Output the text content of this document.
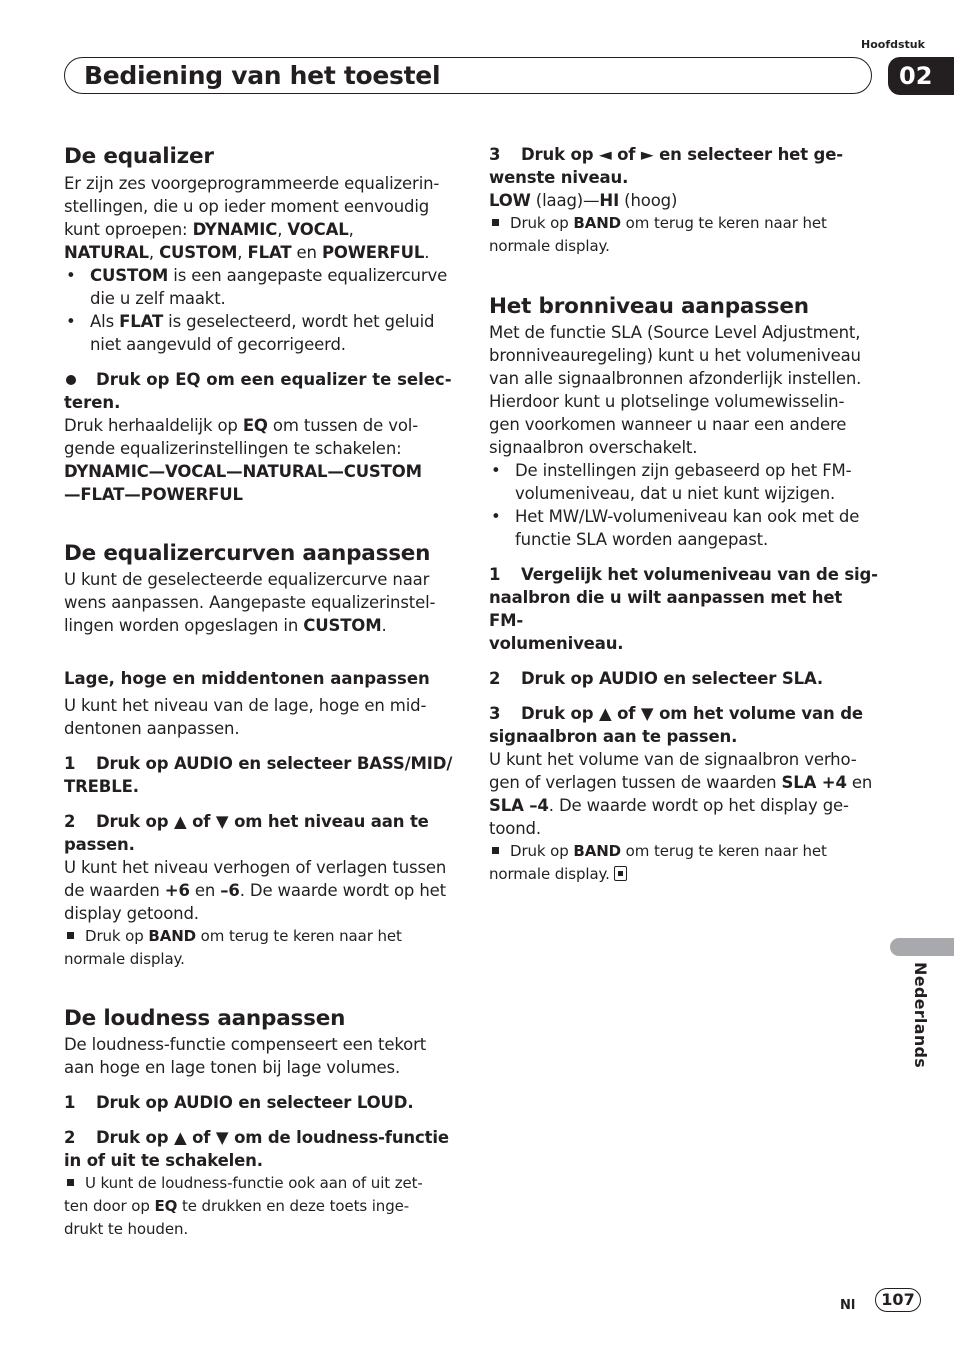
Hoofdstuk
Bediening van het toestel	02
De equalizer
Er zijn zes voorgeprogrammeerde equalizerin-
stellingen, die u op ieder moment eenvoudig
kunt oproepen: DYNAMIC, VOCAL,
NATURAL, CUSTOM, FLAT en POWERFUL.
• CUSTOM is een aangepaste equalizercurve die u zelf maakt.
• Als FLAT is geselecteerd, wordt het geluid niet aangevuld of gecorrigeerd.
Druk op EQ om een equalizer te selec-teren.
Druk herhaaldelijk op EQ om tussen de vol-
gende equalizerinstellingen te schakelen:
DYNAMIC—VOCAL—NATURAL—CUSTOM
—FLAT—POWERFUL
De equalizercurven aanpassen
U kunt de geselecteerde equalizercurve naar
wens aanpassen. Aangepaste equalizerinstel-
lingen worden opgeslagen in CUSTOM.
Lage, hoge en middentonen aanpassen
U kunt het niveau van de lage, hoge en mid-
dentonen aanpassen.
1 Druk op AUDIO en selecteer BASS/MID/
TREBLE.
2 Druk op ▲ of ▼ om het niveau aan te
passen.
U kunt het niveau verhogen of verlagen tussen
de waarden +6 en –6. De waarde wordt op het
display getoond.
Druk op BAND om terug te keren naar het
normale display.
De loudness aanpassen
De loudness-functie compenseert een tekort
aan hoge en lage tonen bij lage volumes.
1 Druk op AUDIO en selecteer LOUD.
2 Druk op ▲ of ▼ om de loudness-functie
in of uit te schakelen.
U kunt de loudness-functie ook aan of uit zet-
ten door op EQ te drukken en deze toets inge-
drukt te houden.
3 Druk op ◄ of ► en selecteer het ge-
wenste niveau.
LOW (laag)—HI (hoog)
Druk op BAND om terug te keren naar het
normale display.
Het bronniveau aanpassen
Met de functie SLA (Source Level Adjustment,
bronniveauregeling) kunt u het volumeniveau
van alle signaalbronnen afzonderlijk instellen.
Hierdoor kunt u plotselinge volumewisselin-
gen voorkomen wanneer u naar een andere
signaalbron overschakelt.
• De instellingen zijn gebaseerd op het FM-volumeniveau, dat u niet kunt wijzigen.
• Het MW/LW-volumeniveau kan ook met de functie SLA worden aangepast.
1 Vergelijk het volumeniveau van de sig-
naalbron die u wilt aanpassen met het FM-
volumeniveau.
2 Druk op AUDIO en selecteer SLA.
3 Druk op ▲ of ▼ om het volume van de
signaalbron aan te passen.
U kunt het volume van de signaalbron verho-
gen of verlagen tussen de waarden SLA +4 en
SLA –4. De waarde wordt op het display ge-
toond.
Druk op BAND om terug te keren naar het
normale display.
Nederlands
Nl	107
